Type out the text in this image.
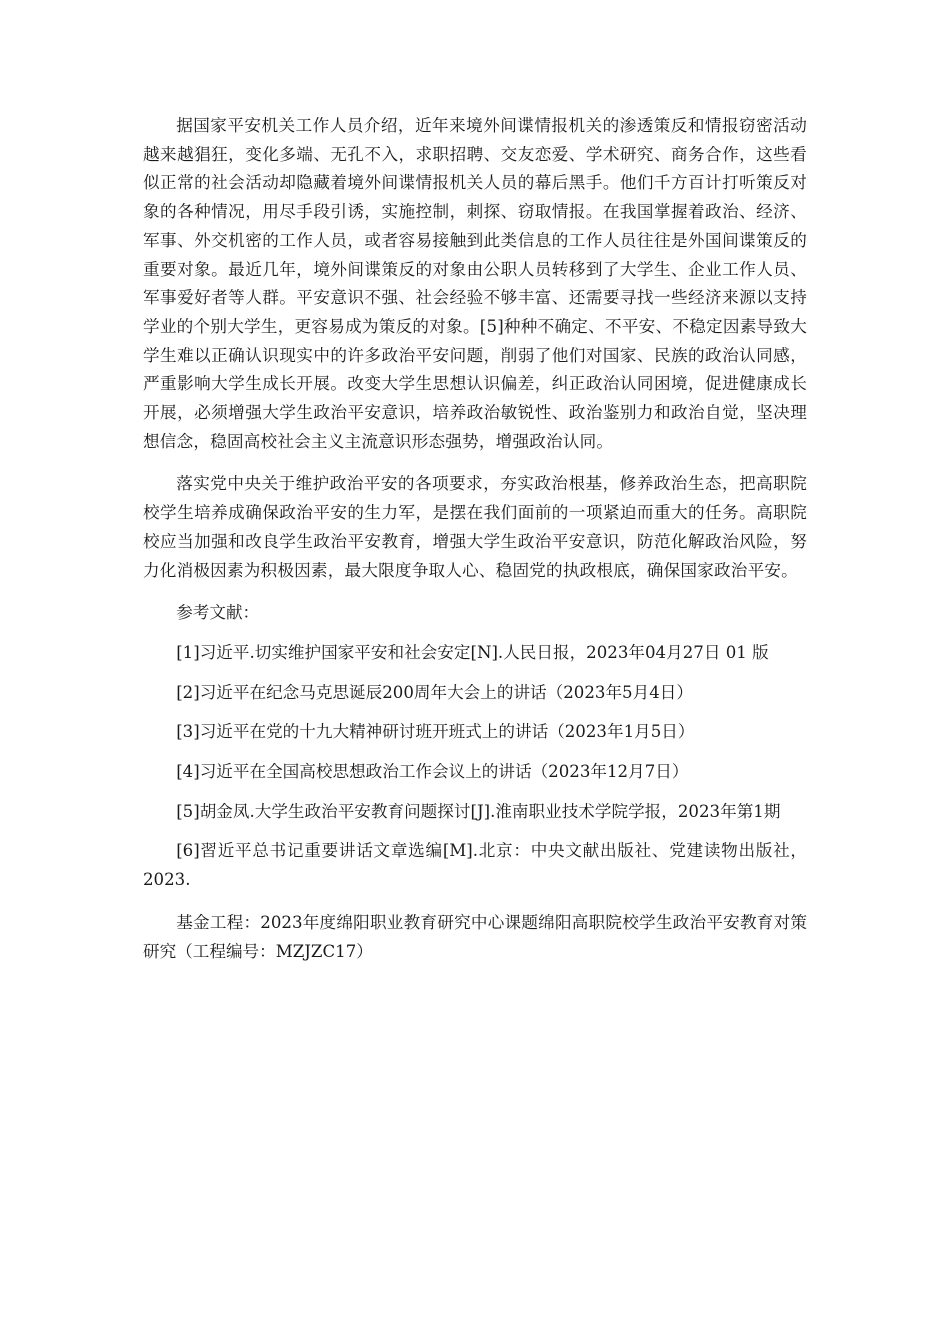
据国家平安机关工作人员介绍，近年来境外间谍情报机关的渗透策反和情报窃密活动越来越猖狂，变化多端、无孔不入，求职招聘、交友恋爱、学术研究、商务合作，这些看似正常的社会活动却隐藏着境外间谍情报机关人员的幕后黑手。他们千方百计打听策反对象的各种情况，用尽手段引诱，实施控制，刺探、窃取情报。在我国掌握着政治、经济、军事、外交机密的工作人员，或者容易接触到此类信息的工作人员往往是外国间谍策反的重要对象。最近几年，境外间谍策反的对象由公职人员转移到了大学生、企业工作人员、军事爱好者等人群。平安意识不强、社会经验不够丰富、还需要寻找一些经济来源以支持学业的个别大学生，更容易成为策反的对象。[5]种种不确定、不平安、不稳定因素导致大学生难以正确认识现实中的许多政治平安问题，削弱了他们对国家、民族的政治认同感，严重影响大学生成长开展。改变大学生思想认识偏差，纠正政治认同困境，促进健康成长开展，必须增强大学生政治平安意识，培养政治敏锐性、政治鉴别力和政治自觉，坚决理想信念，稳固高校社会主义主流意识形态强势，增强政治认同。

落实党中央关于维护政治平安的各项要求，夯实政治根基，修养政治生态，把高职院校学生培养成确保政治平安的生力军，是摆在我们面前的一项紧迫而重大的任务。高职院校应当加强和改良学生政治平安教育，增强大学生政治平安意识，防范化解政治风险，努力化消极因素为积极因素，最大限度争取人心、稳固党的执政根底，确保国家政治平安。

参考文献：

[1]习近平.切实维护国家平安和社会安定[N].人民日报，2023年04月27日 01 版

[2]习近平在纪念马克思诞辰200周年大会上的讲话（2023年5月4日）

[3]习近平在党的十九大精神研讨班开班式上的讲话（2023年1月5日）

[4]习近平在全国高校思想政治工作会议上的讲话（2023年12月7日）

[5]胡金凤.大学生政治平安教育问题探讨[J].淮南职业技术学院学报，2023年第1期

[6]習近平总书记重要讲话文章选编[M].北京：中央文献出版社、党建读物出版社，2023.

基金工程：2023年度绵阳职业教育研究中心课题绵阳高职院校学生政治平安教育对策研究（工程编号：MZJZC17）
